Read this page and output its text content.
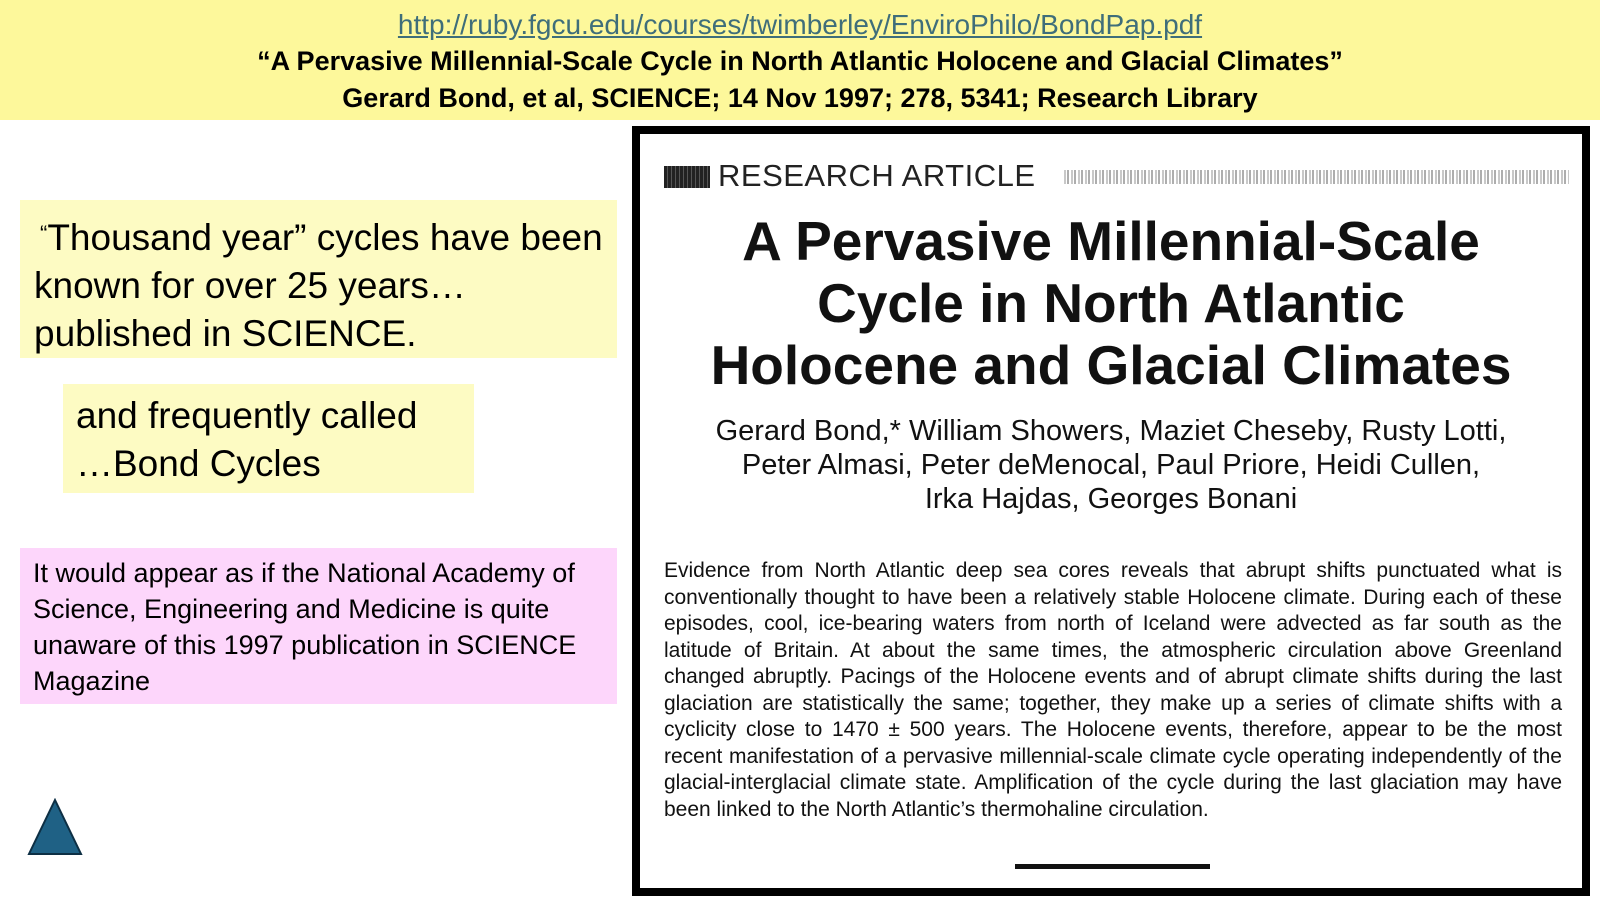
http://ruby.fgcu.edu/courses/twimberley/EnviroPhilo/BondPap.pdf
“A Pervasive Millennial-Scale Cycle in North Atlantic Holocene and Glacial Climates”
Gerard Bond, et al, SCIENCE; 14 Nov 1997; 278, 5341; Research Library
“Thousand year” cycles have been known for over 25 years… published in SCIENCE.
and frequently called …Bond Cycles
It would appear as if the National Academy of Science, Engineering and Medicine is quite unaware of this 1997 publication in SCIENCE Magazine
RESEARCH ARTICLE
A Pervasive Millennial-Scale
Cycle in North Atlantic
Holocene and Glacial Climates
Gerard Bond,* William Showers, Maziet Cheseby, Rusty Lotti,
Peter Almasi, Peter deMenocal, Paul Priore, Heidi Cullen,
Irka Hajdas, Georges Bonani
Evidence from North Atlantic deep sea cores reveals that abrupt shifts punctuated what is conventionally thought to have been a relatively stable Holocene climate. During each of these episodes, cool, ice-bearing waters from north of Iceland were advected as far south as the latitude of Britain. At about the same times, the atmospheric circulation above Greenland changed abruptly. Pacings of the Holocene events and of abrupt climate shifts during the last glaciation are statistically the same; together, they make up a series of climate shifts with a cyclicity close to 1470 ± 500 years. The Holocene events, therefore, appear to be the most recent manifestation of a pervasive millennial-scale climate cycle operating independently of the glacial-interglacial climate state. Amplification of the cycle during the last glaciation may have been linked to the North Atlantic’s thermohaline circulation.
